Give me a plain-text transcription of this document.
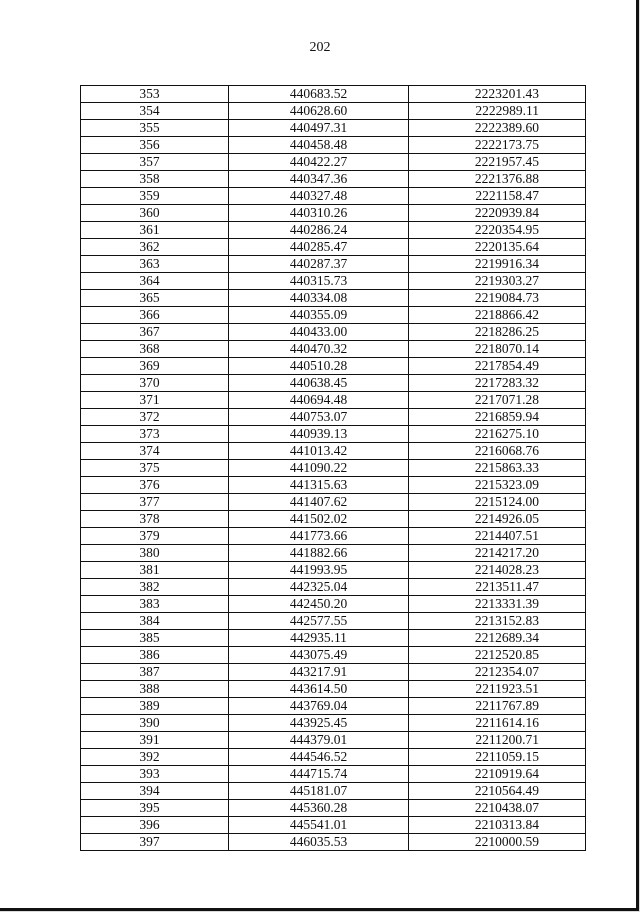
202
353	440683.52	2223201.43
354	440628.60	2222989.11
355	440497.31	2222389.60
356	440458.48	2222173.75
357	440422.27	2221957.45
358	440347.36	2221376.88
359	440327.48	2221158.47
360	440310.26	2220939.84
361	440286.24	2220354.95
362	440285.47	2220135.64
363	440287.37	2219916.34
364	440315.73	2219303.27
365	440334.08	2219084.73
366	440355.09	2218866.42
367	440433.00	2218286.25
368	440470.32	2218070.14
369	440510.28	2217854.49
370	440638.45	2217283.32
371	440694.48	2217071.28
372	440753.07	2216859.94
373	440939.13	2216275.10
374	441013.42	2216068.76
375	441090.22	2215863.33
376	441315.63	2215323.09
377	441407.62	2215124.00
378	441502.02	2214926.05
379	441773.66	2214407.51
380	441882.66	2214217.20
381	441993.95	2214028.23
382	442325.04	2213511.47
383	442450.20	2213331.39
384	442577.55	2213152.83
385	442935.11	2212689.34
386	443075.49	2212520.85
387	443217.91	2212354.07
388	443614.50	2211923.51
389	443769.04	2211767.89
390	443925.45	2211614.16
391	444379.01	2211200.71
392	444546.52	2211059.15
393	444715.74	2210919.64
394	445181.07	2210564.49
395	445360.28	2210438.07
396	445541.01	2210313.84
397	446035.53	2210000.59
